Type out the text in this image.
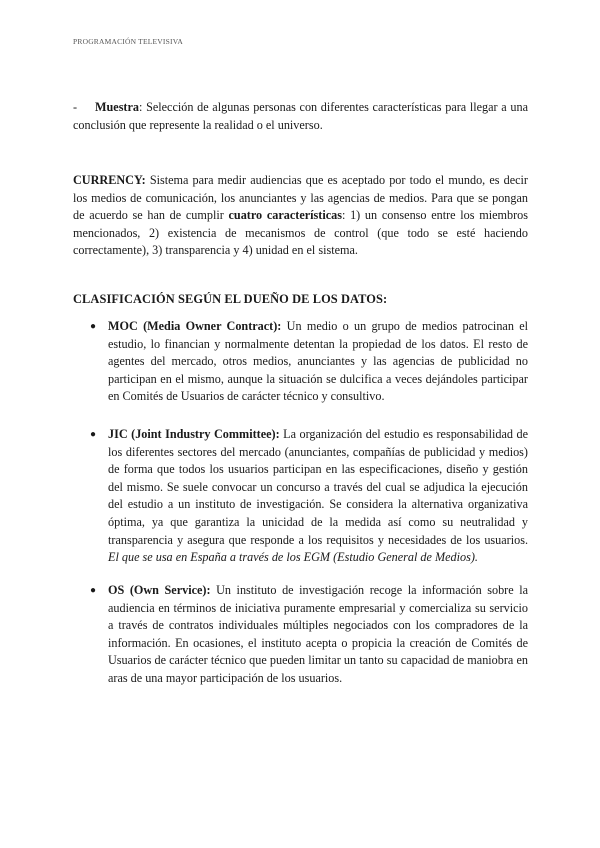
PROGRAMACIÓN TELEVISIVA
-	Muestra: Selección de algunas personas con diferentes características para llegar a una conclusión que represente la realidad o el universo.
CURRENCY: Sistema para medir audiencias que es aceptado por todo el mundo, es decir los medios de comunicación, los anunciantes y las agencias de medios. Para que se pongan de acuerdo se han de cumplir cuatro características: 1) un consenso entre los miembros mencionados, 2) existencia de mecanismos de control (que todo se esté haciendo correctamente), 3) transparencia y 4) unidad en el sistema.
CLASIFICACIÓN SEGÚN EL DUEÑO DE LOS DATOS:
● MOC (Media Owner Contract): Un medio o un grupo de medios patrocinan el estudio, lo financian y normalmente detentan la propiedad de los datos. El resto de agentes del mercado, otros medios, anunciantes y las agencias de publicidad no participan en el mismo, aunque la situación se dulcifica a veces dejándoles participar en Comités de Usuarios de carácter técnico y consultivo.
● JIC (Joint Industry Committee): La organización del estudio es responsabilidad de los diferentes sectores del mercado (anunciantes, compañías de publicidad y medios) de forma que todos los usuarios participan en las especificaciones, diseño y gestión del mismo. Se suele convocar un concurso a través del cual se adjudica la ejecución del estudio a un instituto de investigación. Se considera la alternativa organizativa óptima, ya que garantiza la unicidad de la medida así como su neutralidad y transparencia y asegura que responde a los requisitos y necesidades de los usuarios. El que se usa en España a través de los EGM (Estudio General de Medios).
● OS (Own Service): Un instituto de investigación recoge la información sobre la audiencia en términos de iniciativa puramente empresarial y comercializa su servicio a través de contratos individuales múltiples negociados con los compradores de la información. En ocasiones, el instituto acepta o propicia la creación de Comités de Usuarios de carácter técnico que pueden limitar un tanto su capacidad de maniobra en aras de una mayor participación de los usuarios.
